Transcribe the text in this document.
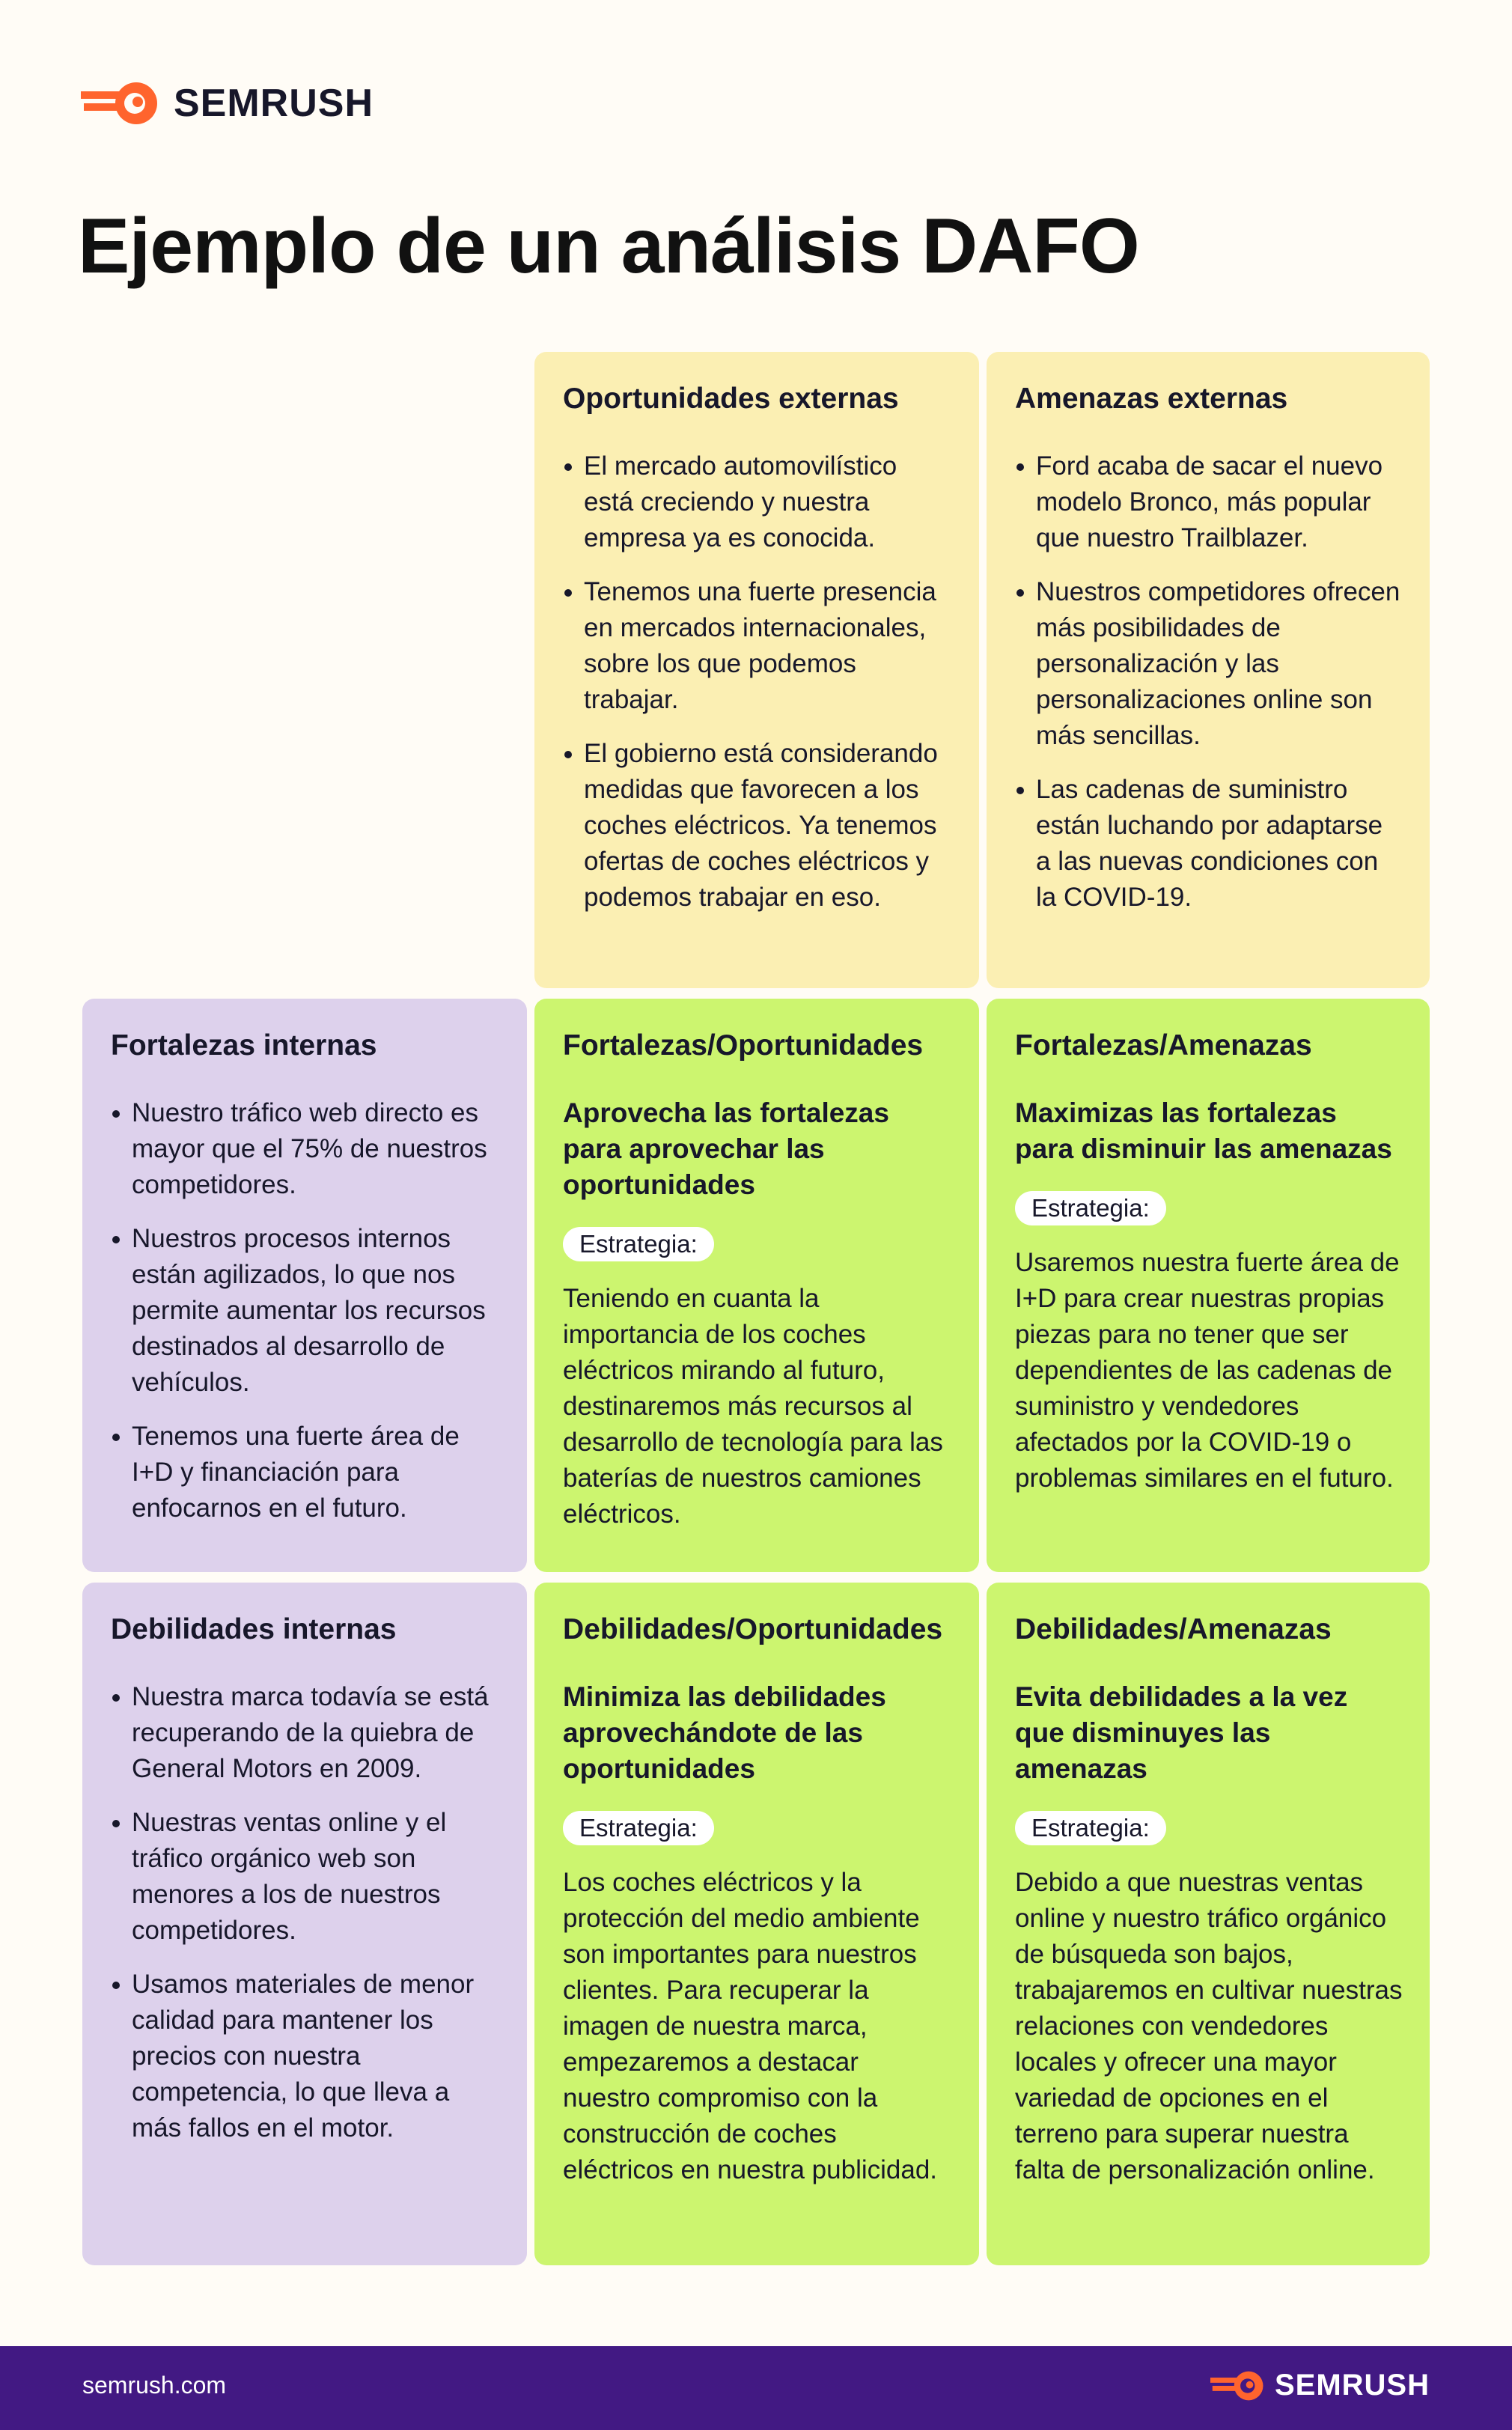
SEMRUSH
Ejemplo de un análisis DAFO
Oportunidades externas
El mercado automovilístico está creciendo y nuestra empresa ya es conocida.
Tenemos una fuerte presencia en mercados internacionales, sobre los que podemos trabajar.
El gobierno está considerando medidas que favorecen a los coches eléctricos. Ya tenemos ofertas de coches eléctricos y podemos trabajar en eso.
Amenazas externas
Ford acaba de sacar el nuevo modelo Bronco, más popular que nuestro Trailblazer.
Nuestros competidores ofrecen más posibilidades de personalización y las personalizaciones online son más sencillas.
Las cadenas de suministro están luchando por adaptarse a las nuevas condiciones con la COVID-19.
Fortalezas internas
Nuestro tráfico web directo es mayor que el 75% de nuestros competidores.
Nuestros procesos internos están agilizados, lo que nos permite aumentar los recursos destinados al desarrollo de vehículos.
Tenemos una fuerte área de I+D y financiación para enfocarnos en el futuro.
Fortalezas/Oportunidades
Aprovecha las fortalezas para aprovechar las oportunidades
Estrategia:

Teniendo en cuanta la importancia de los coches eléctricos mirando al futuro, destinaremos más recursos al desarrollo de tecnología para las baterías de nuestros camiones eléctricos.

Fortalezas/Amenazas
Maximizas las fortalezas para disminuir las amenazas
Estrategia:

Usaremos nuestra fuerte área de I+D para crear nuestras propias piezas para no tener que ser dependientes de las cadenas de suministro y vendedores afectados por la COVID-19 o problemas similares en el futuro.

Debilidades internas
Nuestra marca todavía se está recuperando de la quiebra de General Motors en 2009.
Nuestras ventas online y el tráfico orgánico web son menores a los de nuestros competidores.
Usamos materiales de menor calidad para mantener los precios con nuestra competencia, lo que lleva a más fallos en el motor.
Debilidades/Oportunidades
Minimiza las debilidades aprovechándote de las oportunidades
Estrategia:

Los coches eléctricos y la protección del medio ambiente son importantes para nuestros clientes. Para recuperar la imagen de nuestra marca, empezaremos a destacar nuestro compromiso con la construcción de coches eléctricos en nuestra publicidad.

Debilidades/Amenazas
Evita debilidades a la vez que disminuyes las amenazas
Estrategia:

Debido a que nuestras ventas online y nuestro tráfico orgánico de búsqueda son bajos, trabajaremos en cultivar nuestras relaciones con vendedores locales y ofrecer una mayor variedad de opciones en el terreno para superar nuestra falta de personalización online.

semrush.com	SEMRUSH
